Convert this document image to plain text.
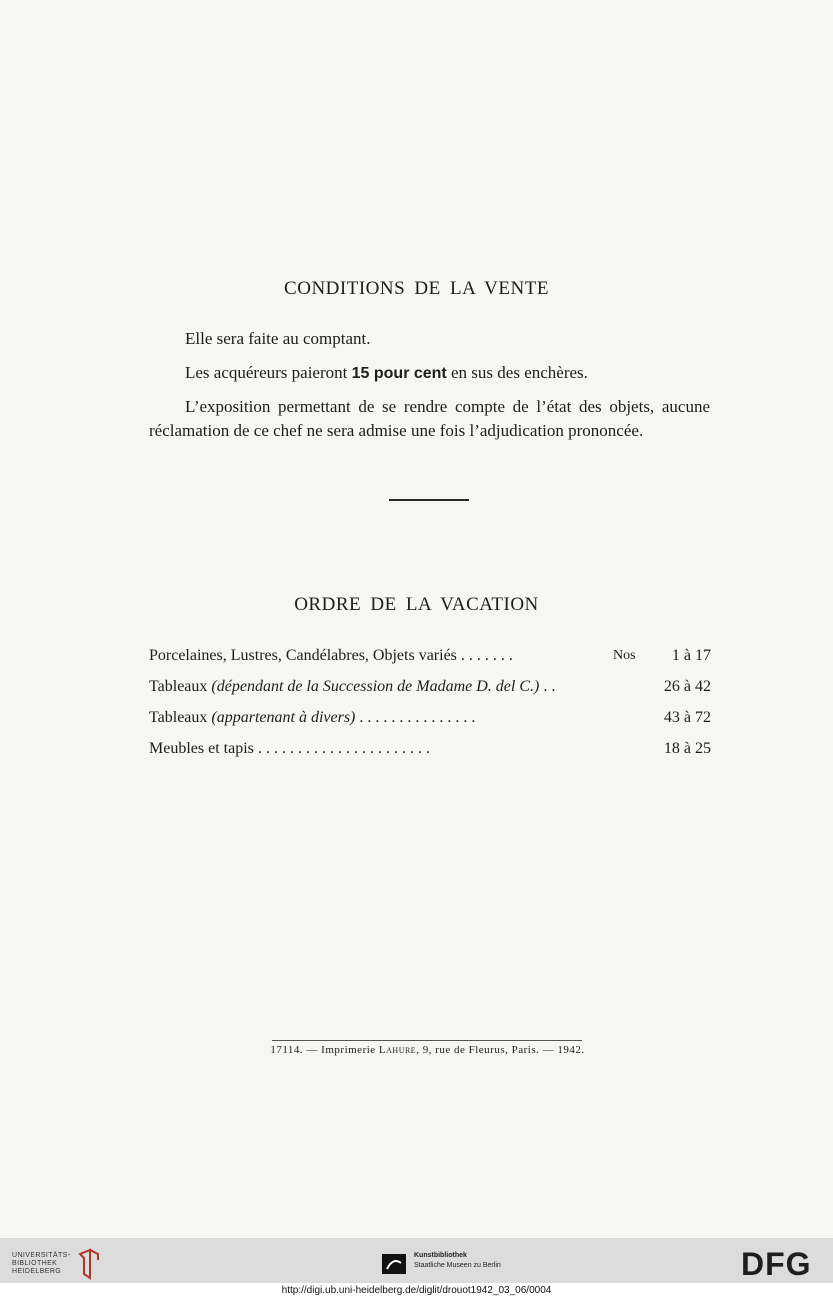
CONDITIONS DE LA VENTE

Elle sera faite au comptant.

Les acquéreurs paieront 15 pour cent en sus des enchères.

L’exposition permettant de se rendre compte de l’état des objets, aucune réclamation de ce chef ne sera admise une fois l’adjudication prononcée.

ORDRE DE LA VACATION
Porcelaines, Lustres, Candélabres, Objets variés . . . . . . .	Nos 1 à 17
Tableaux (dépendant de la Succession de Madame D. del C.) . .	26 à 42
Tableaux (appartenant à divers) . . . . . . . . . . . . . . .	43 à 72
Meubles et tapis . . . . . . . . . . . . . . . . . . . . . .	18 à 25
17114. — Imprimerie Lahure, 9, rue de Fleurus, Paris. — 1942.
UNIVERSITÄTS-
BIBLIOTHEK
HEIDELBERG
Kunstbibliothek
Staatliche Museen zu Berlin	DFG
http://digi.ub.uni-heidelberg.de/diglit/drouot1942_03_06/0004
